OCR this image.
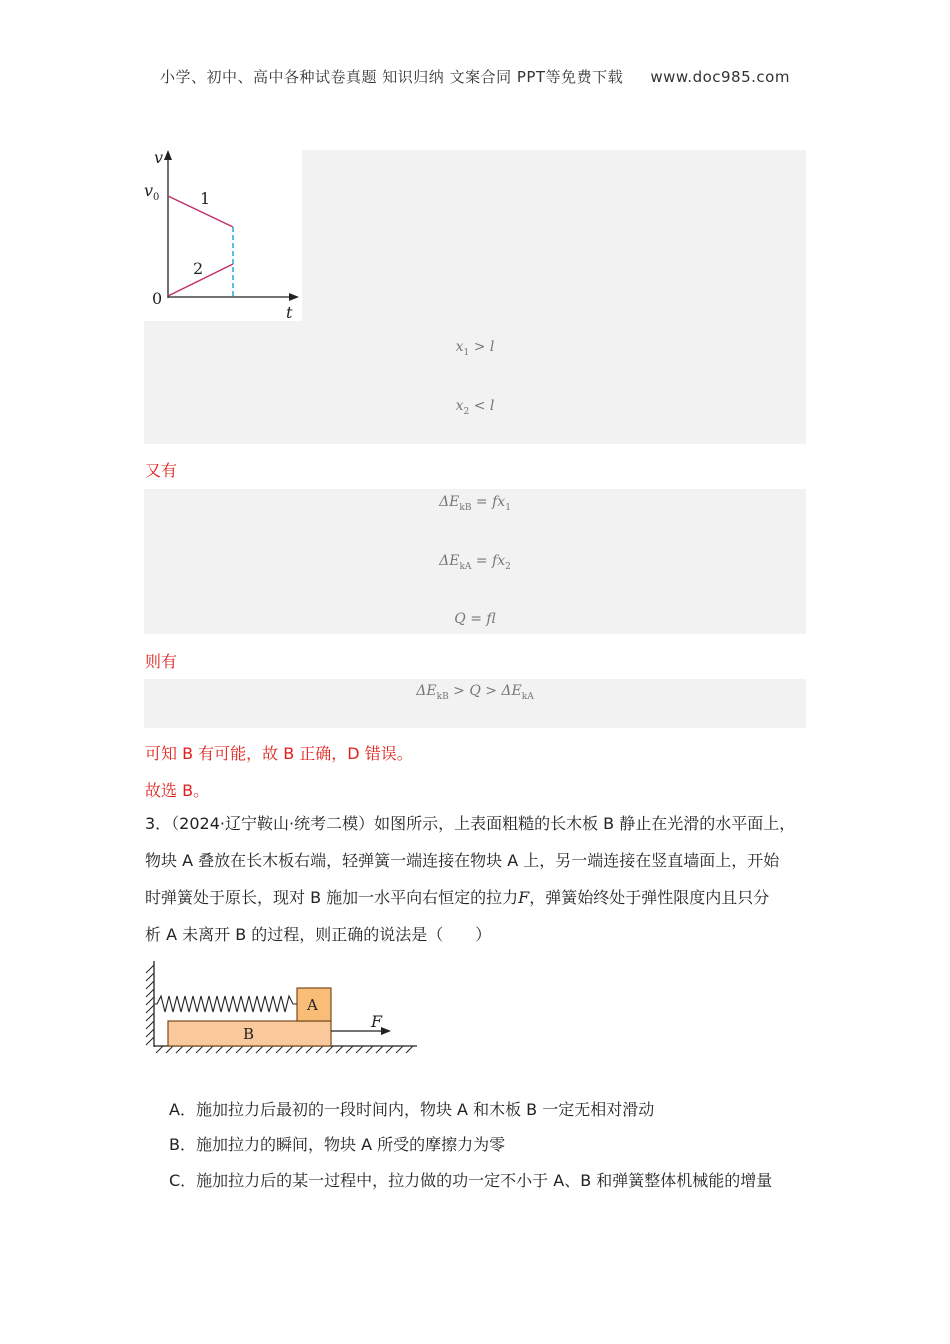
小学、初中、高中各种试卷真题 知识归纳 文案合同 PPT等免费下载 www.doc985.com
v
t
v 0
0
1
2
$x_1 > l$
$x_2 < l$
又有
$\Delta E_{kB} = fx_1$
$\Delta E_{kA} = fx_2$
Q = fl
则有
$\Delta E_{kB} > Q > \Delta E_{kA}$
可知 B 有可能，故 B 正确，D 错误。
故选 B。
3．（2024·辽宁鞍山·统考二模）如图所示，上表面粗糙的长木板 B 静止在光滑的水平面上，
物块 A 叠放在长木板右端，轻弹簧一端连接在物块 A 上，另一端连接在竖直墙面上，开始
时弹簧处于原长，现对 B 施加一水平向右恒定的拉力F，弹簧始终处于弹性限度内且只分
析 A 未离开 B 的过程，则正确的说法是（　　）
B
A
F
A．施加拉力后最初的一段时间内，物块 A 和木板 B 一定无相对滑动
B．施加拉力的瞬间，物块 A 所受的摩擦力为零
C．施加拉力后的某一过程中，拉力做的功一定不小于 A、B 和弹簧整体机械能的增量
